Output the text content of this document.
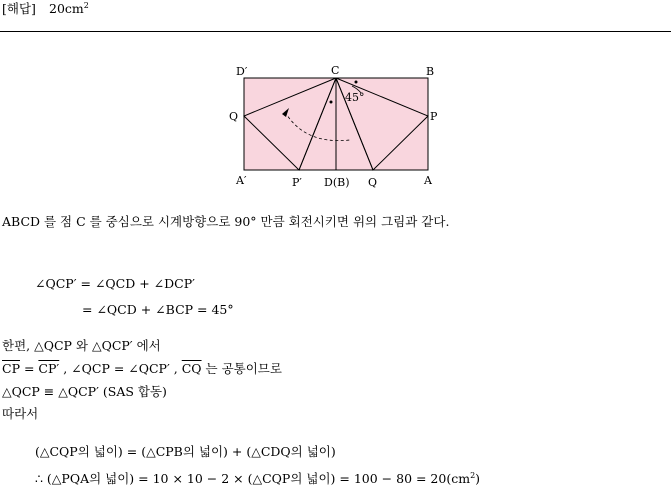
[해답] $20cm^2$
45°
D′	C	B
Q	P
A′	P′ D(B) Q	A
ABCD 를 점 C 를 중심으로 시계방향으로 90° 만큼 회전시키면 위의 그림과 같다.
∠QCP′ = ∠QCD + ∠DCP′
= ∠QCD + ∠BCP = 45°
한편, △QCP 와 △QCP′ 에서
$\overline{CP} = CP'$ , ∠QCP = ∠QCP′ , $\overline{CQ}$ 는 공통이므로
△QCP ≡ △QCP′ (SAS 합동)
따라서
(△CQP의 넓이) = (△CPB의 넓이) + (△CDQ의 넓이)
∴ (△PQA의 넓이) = 10 × 10 − 2 × (△CQP의 넓이) = $100 - 80 = 20(cm^2)$
